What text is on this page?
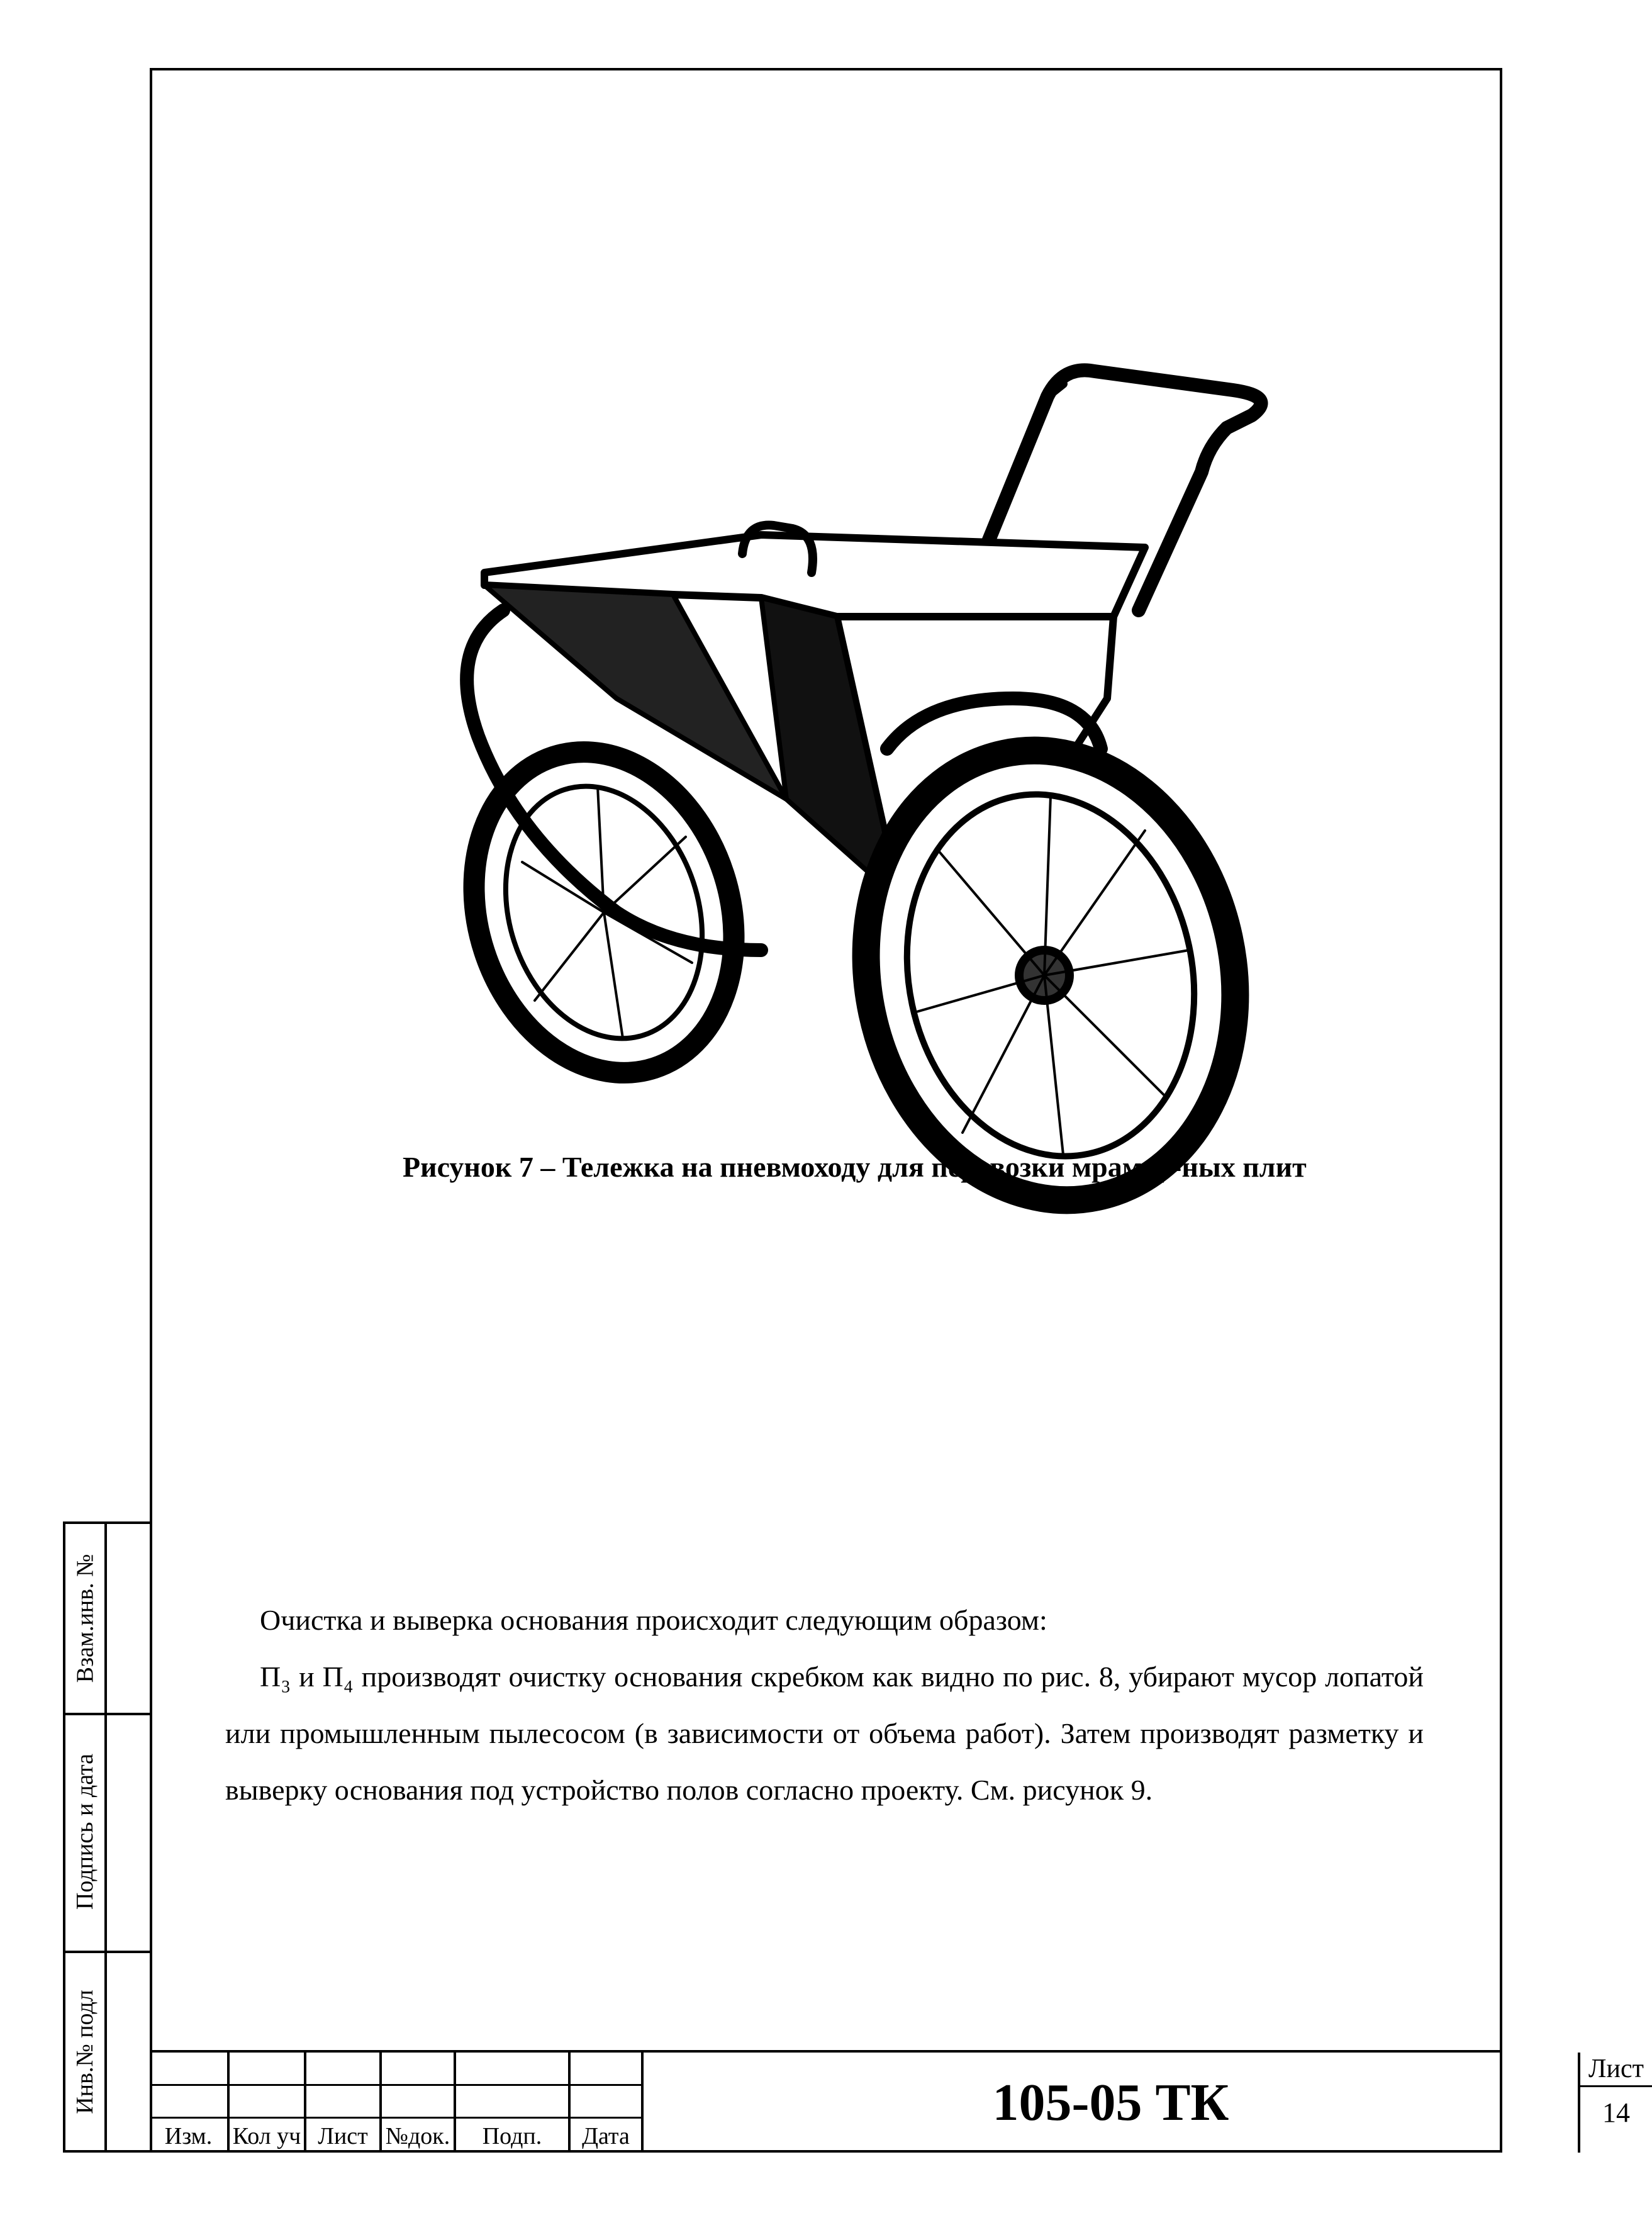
Взам.инв. №
Подпись и дата
Инв.№ подл
Рисунок 7 – Тележка на пневмоходу для перевозки мрамор-ных плит

Очистка и выверка основания происходит следующим образом:

П₃ и П₄ производят очистку основания скребком как видно по рис. 8, убирают мусор лопатой или промышленным пылесосом (в зависимости от объема работ). Затем производят разметку и выверку основания под устройство полов согласно проекту. См. рисунок 9.

Изм. Кол уч Лист №док.	Подп.	Дата
105-05 ТК
Лист
14
